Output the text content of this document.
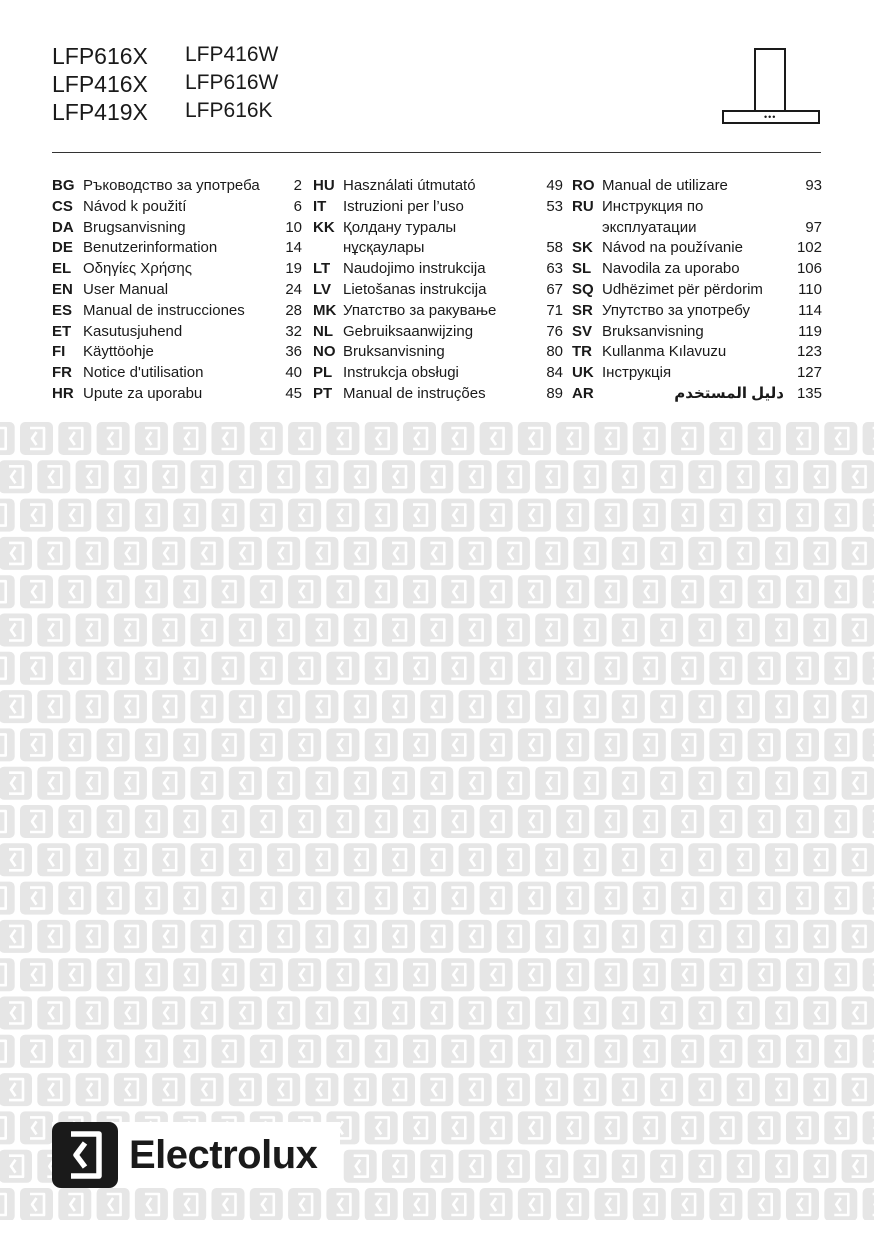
LFP616X
LFP416X
LFP419X
LFP416W
LFP616W
LFP616K	•••
BG Ръководство за употреба 2
CS Návod k použití	6
DA Brugsanvisning	10
DE Benutzerinformation	14
EL Οδηγίες Χρήσης	19
EN User Manual	24
ES Manual de instrucciones	28
ET Kasutusjuhend	32
FI Käyttöohje	36
FR Notice d'utilisation	40
HR Upute za uporabu	45
HU Használati útmutató	49
IT Istruzioni per l’uso	53
KK Қолдану туралы
нұсқаулары	58
LT Naudojimo instrukcija	63
LV Lietošanas instrukcija	67
MK Упатство за ракување	71
NL Gebruiksaanwijzing	76
NO Bruksanvisning	80
PL Instrukcja obsługi	84
PT Manual de instruções	89
RO Manual de utilizare	93
RU Инструкция по
эксплуатации	97
SK Návod na používanie	102
SL Navodila za uporabo	106
SQ Udhëzimet për përdorim 110
SR Упутство за употребу	114
SV Bruksanvisning	119
TR Kullanma Kılavuzu	123
UK Інструкція	127
AR	دليل المستخدم 135
Electrolux
